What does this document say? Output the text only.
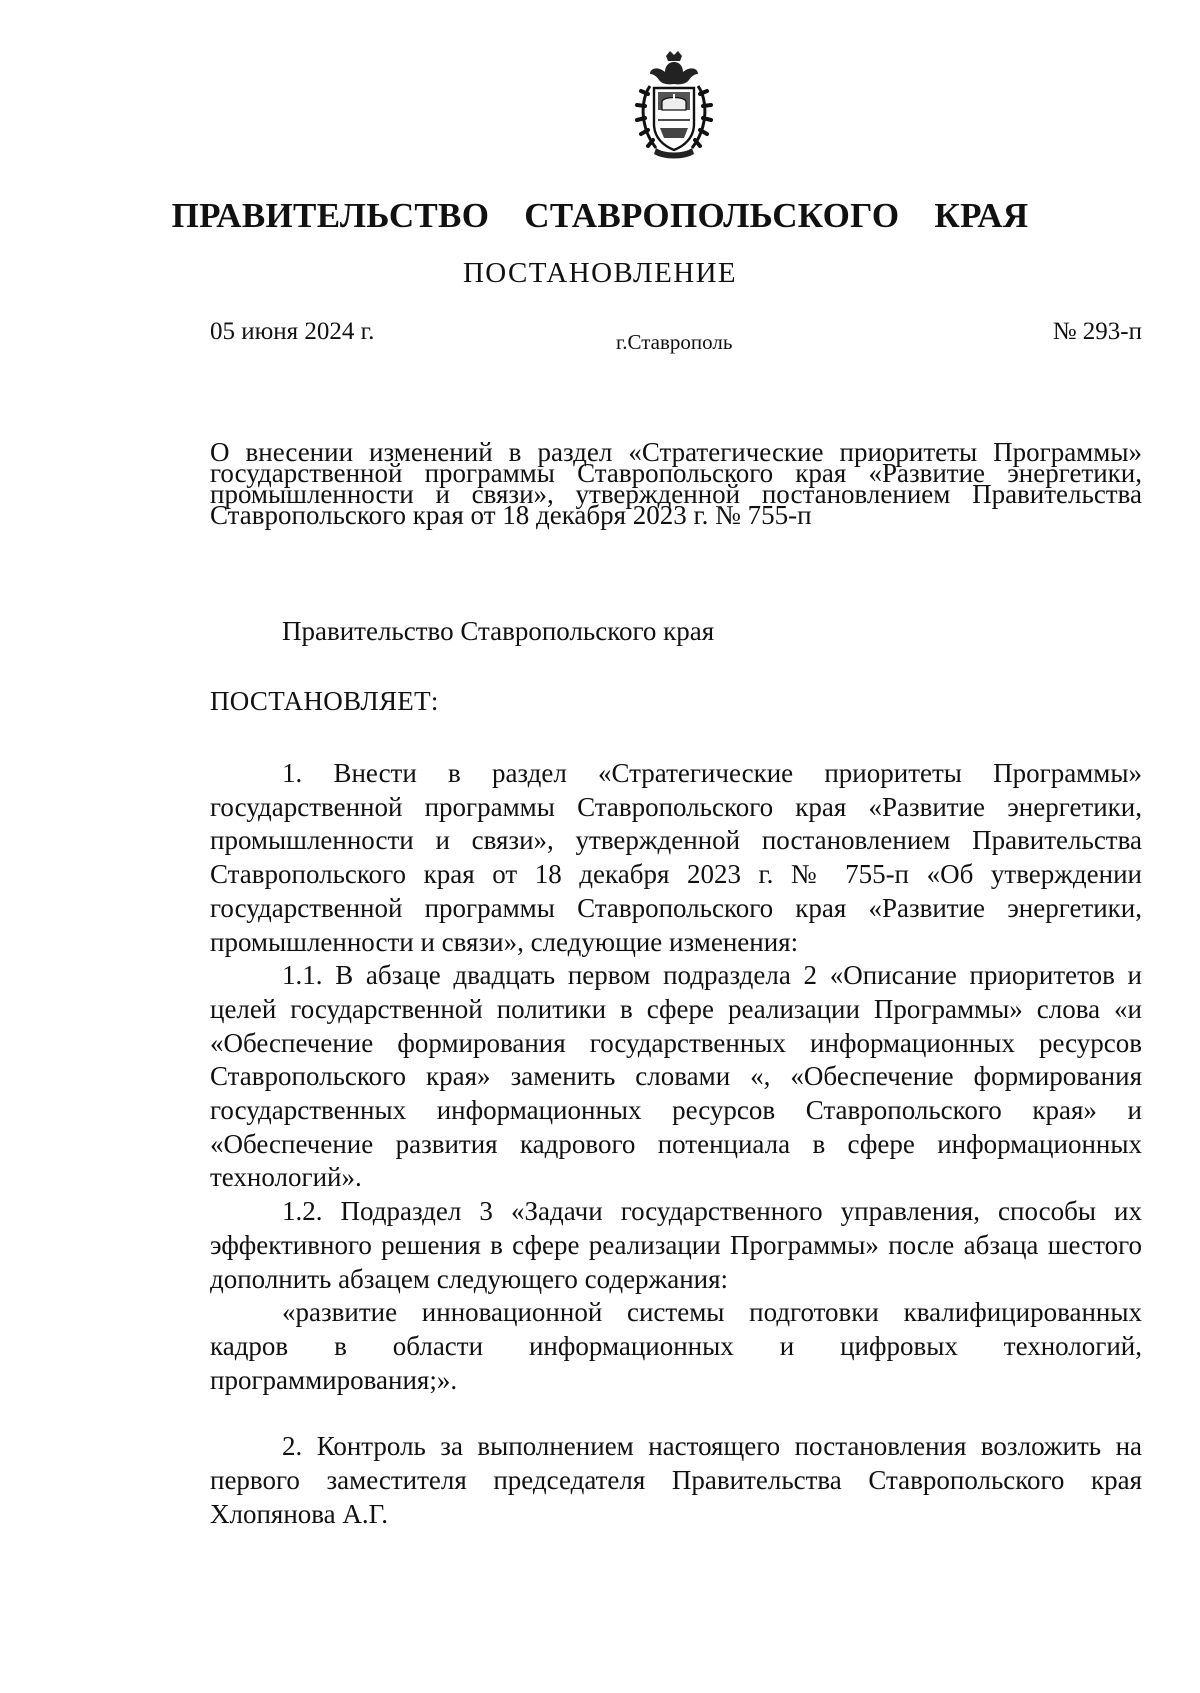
ПРАВИТЕЛЬСТВО СТАВРОПОЛЬСКОГО КРАЯ
ПОСТАНОВЛЕНИЕ
05 июня 2024 г.	г.Ставрополь	№ 293-п
О внесении изменений в раздел «Стратегические приоритеты Программы» государственной программы Ставропольского края «Развитие энергетики, промышленности и связи», утвержденной постановлением Правительства Ставропольского края от 18 декабря 2023 г. № 755-п
Правительство Ставропольского края
ПОСТАНОВЛЯЕТ:

1. Внести в раздел «Стратегические приоритеты Программы» государственной программы Ставропольского края «Развитие энергетики, промышленности и связи», утвержденной постановлением Правительства Ставропольского края от 18 декабря 2023 г. № 755-п «Об утверждении государственной программы Ставропольского края «Развитие энергетики, промышленности и связи», следующие изменения:

1.1. В абзаце двадцать первом подраздела 2 «Описание приоритетов и целей государственной политики в сфере реализации Программы» слова «и «Обеспечение формирования государственных информационных ресурсов Ставропольского края» заменить словами «, «Обеспечение формирования государственных информационных ресурсов Ставропольского края» и «Обеспечение развития кадрового потенциала в сфере информационных технологий».

1.2. Подраздел 3 «Задачи государственного управления, способы их эффективного решения в сфере реализации Программы» после абзаца шестого дополнить абзацем следующего содержания:

«развитие инновационной системы подготовки квалифицированных кадров в области информационных и цифровых технологий, программирования;».

2. Контроль за выполнением настоящего постановления возложить на первого заместителя председателя Правительства Ставропольского края Хлопянова А.Г.
